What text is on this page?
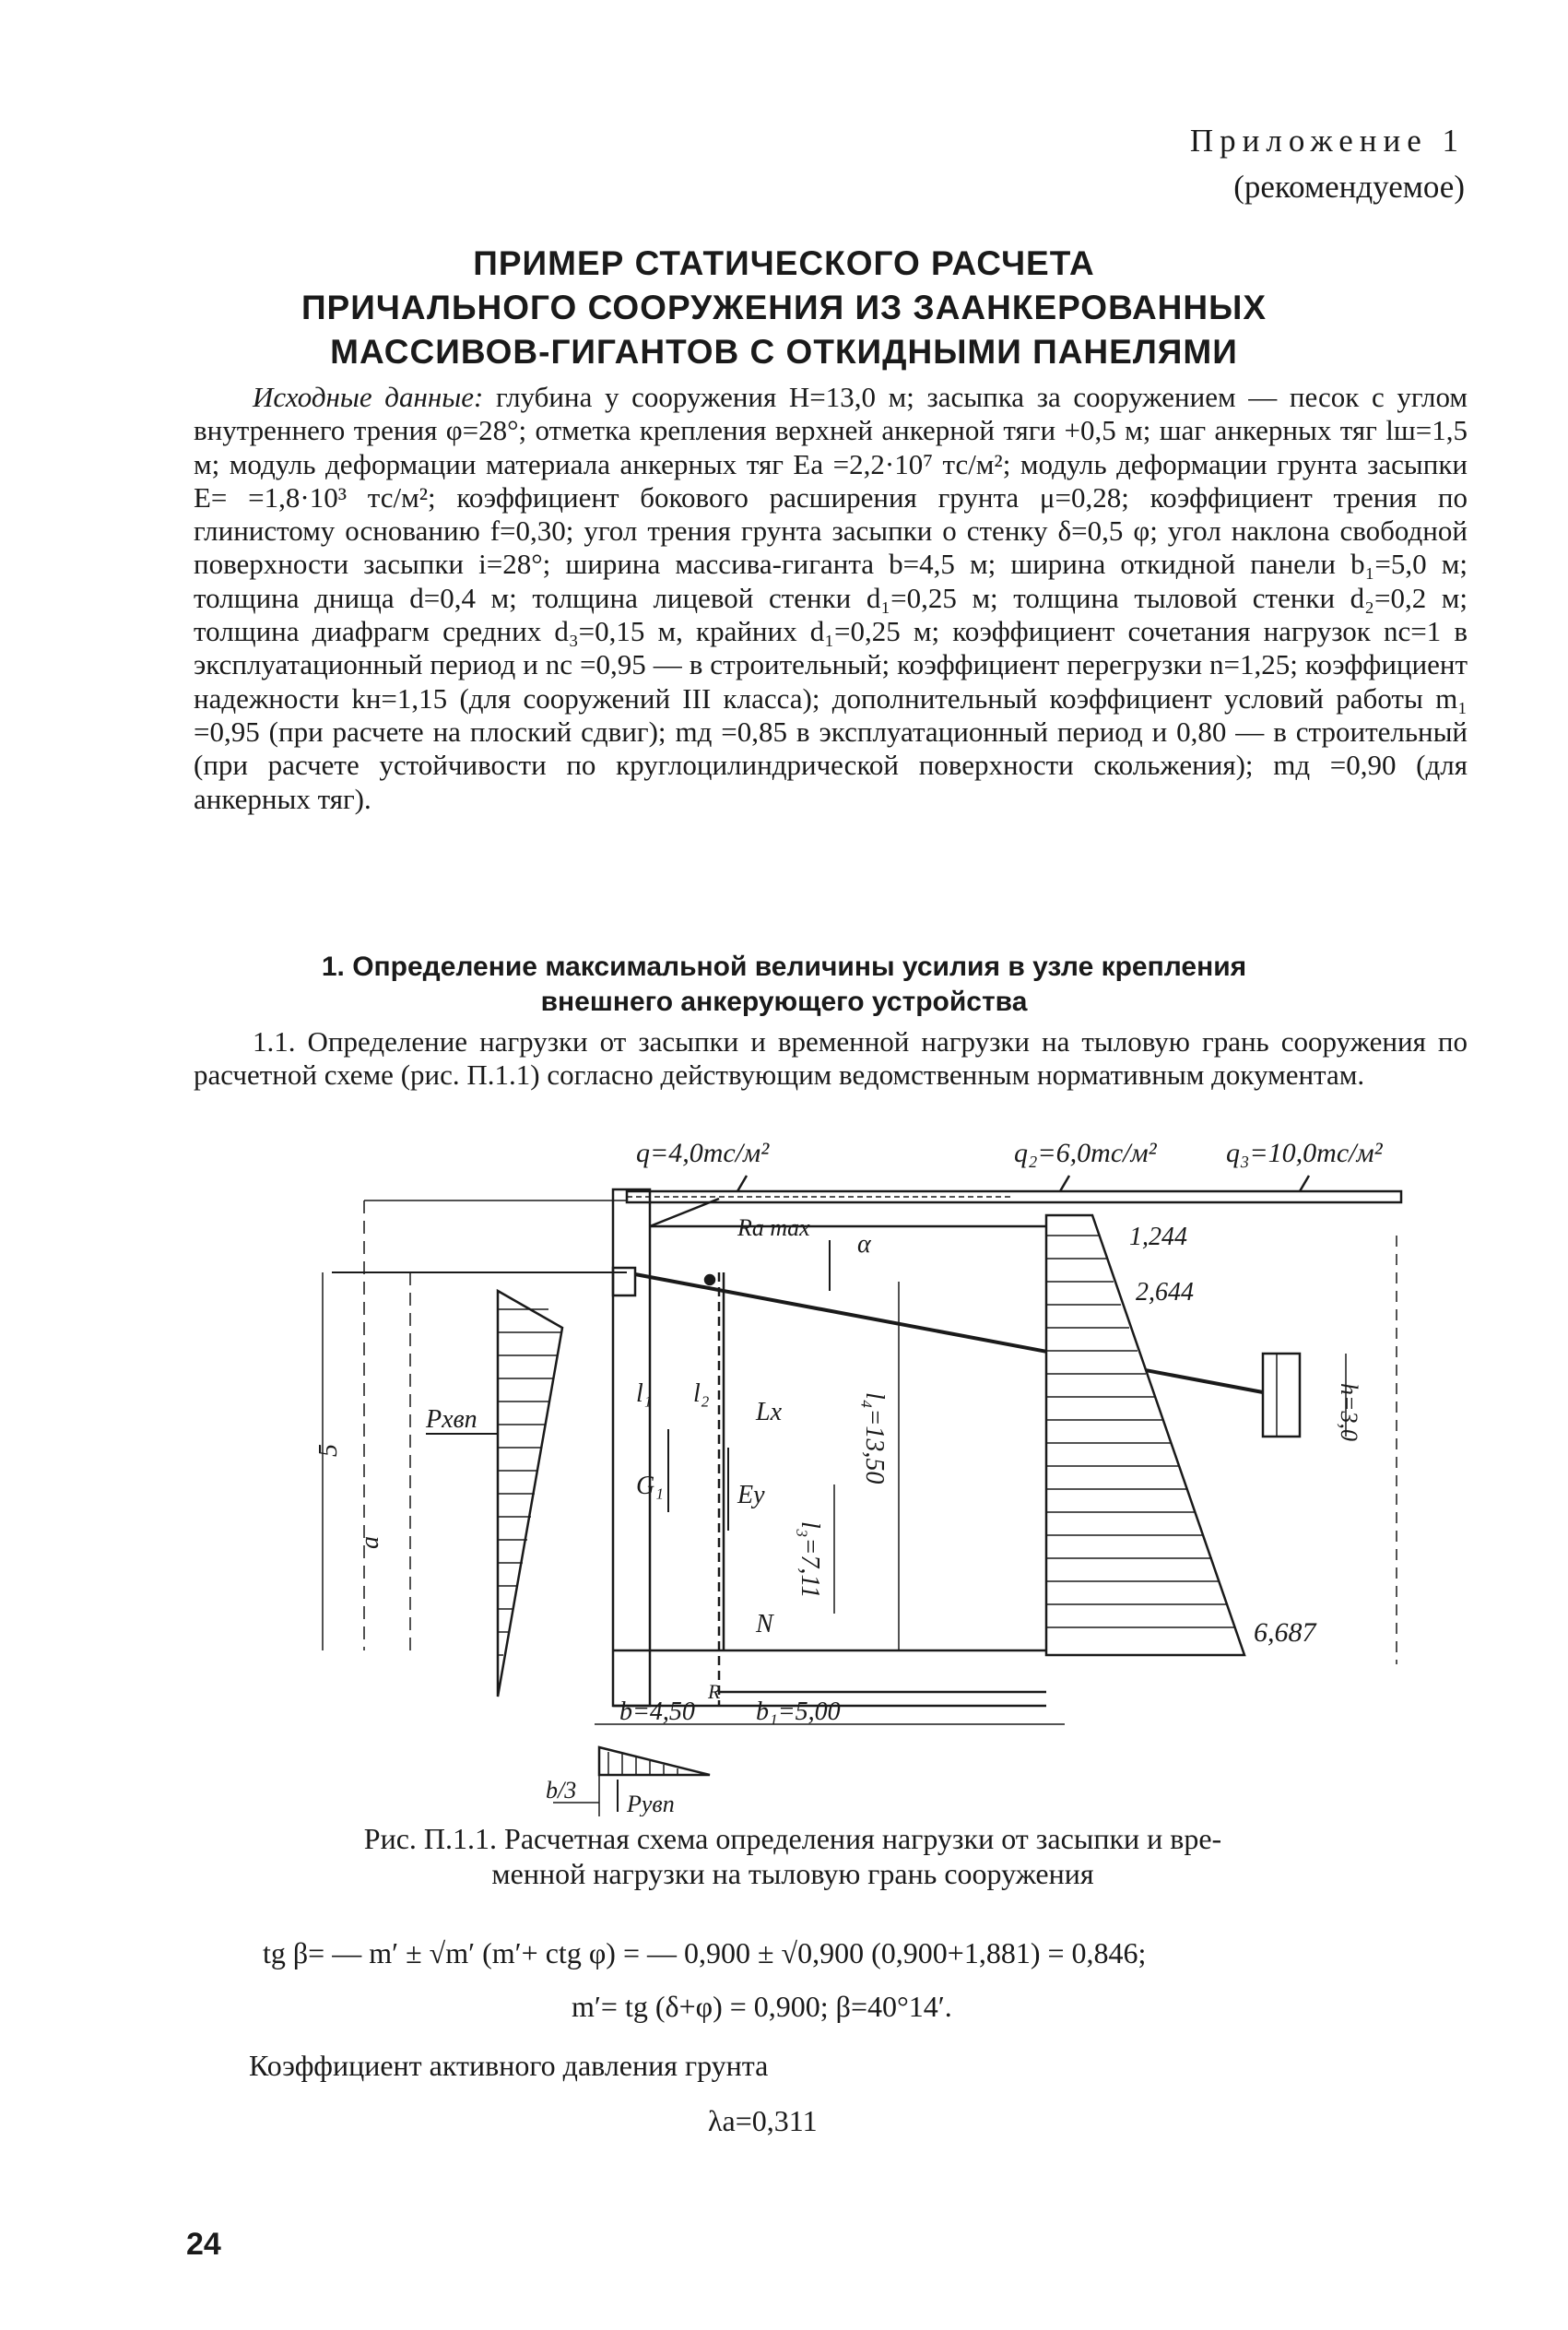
Приложение 1
(рекомендуемое)
ПРИМЕР СТАТИЧЕСКОГО РАСЧЕТА
ПРИЧАЛЬНОГО СООРУЖЕНИЯ ИЗ ЗААНКЕРОВАННЫХ
МАССИВОВ-ГИГАНТОВ С ОТКИДНЫМИ ПАНЕЛЯМИ

Исходные данные: глубина у сооружения H=13,0 м; засыпка за сооружением — песок с углом внутреннего трения φ=28°; отметка крепления верхней анкерной тяги +0,5 м; шаг анкерных тяг lш=1,5 м; модуль деформации материала анкерных тяг Eа =2,2·10⁷ тс/м²; модуль деформации грунта засыпки E= =1,8·10³ тс/м²; коэффициент бокового расширения грунта μ=0,28; коэффициент трения по глинистому основанию f=0,30; угол трения грунта засыпки о стенку δ=0,5 φ; угол наклона свободной поверхности засыпки i=28°; ширина массива-гиганта b=4,5 м; ширина откидной панели b₁=5,0 м; толщина днища d=0,4 м; толщина лицевой стенки d₁=0,25 м; толщина тыловой стенки d₂=0,2 м; толщина диафрагм средних d₃=0,15 м, крайних d₁=0,25 м; коэффициент сочетания нагрузок nc=1 в эксплуатационный период и nc =0,95 — в строительный; коэффициент перегрузки n=1,25; коэффициент надежности kн=1,15 (для сооружений III класса); дополнительный коэффициент условий работы m₁ =0,95 (при расчете на плоский сдвиг); mд =0,85 в эксплуатационный период и 0,80 — в строительный (при расчете устойчивости по круглоцилиндрической поверхности скольжения); mд =0,90 (для анкерных тяг).

1. Определение максимальной величины усилия в узле крепления
внешнего анкерующего устройства

1.1. Определение нагрузки от засыпки и временной нагрузки на тыловую грань сооружения по расчетной схеме (рис. П.1.1) согласно действующим ведомственным нормативным документам.

q=4,0тс/м²	q₂=6,0тс/м²	q₃=10,0тс/м²
Pхвп
Ra max
α
h=3,0
1,244
2,644
6,687
l₄=13,50
l₃=7,11
l₁ l₂
Lx
G₁	Ey
N
5
a
b=4,50
R
b₁=5,00
b/3
Pувп
Рис. П.1.1. Расчетная схема определения нагрузки от засыпки и вре-
менной нагрузки на тыловую грань сооружения
tg β= — m′ ± √m′ (m′+ ctg φ) = — 0,900 ± √0,900 (0,900+1,881) = 0,846;
m′= tg (δ+φ) = 0,900; β=40°14′.
Коэффициент активного давления грунта
λа=0,311
24
